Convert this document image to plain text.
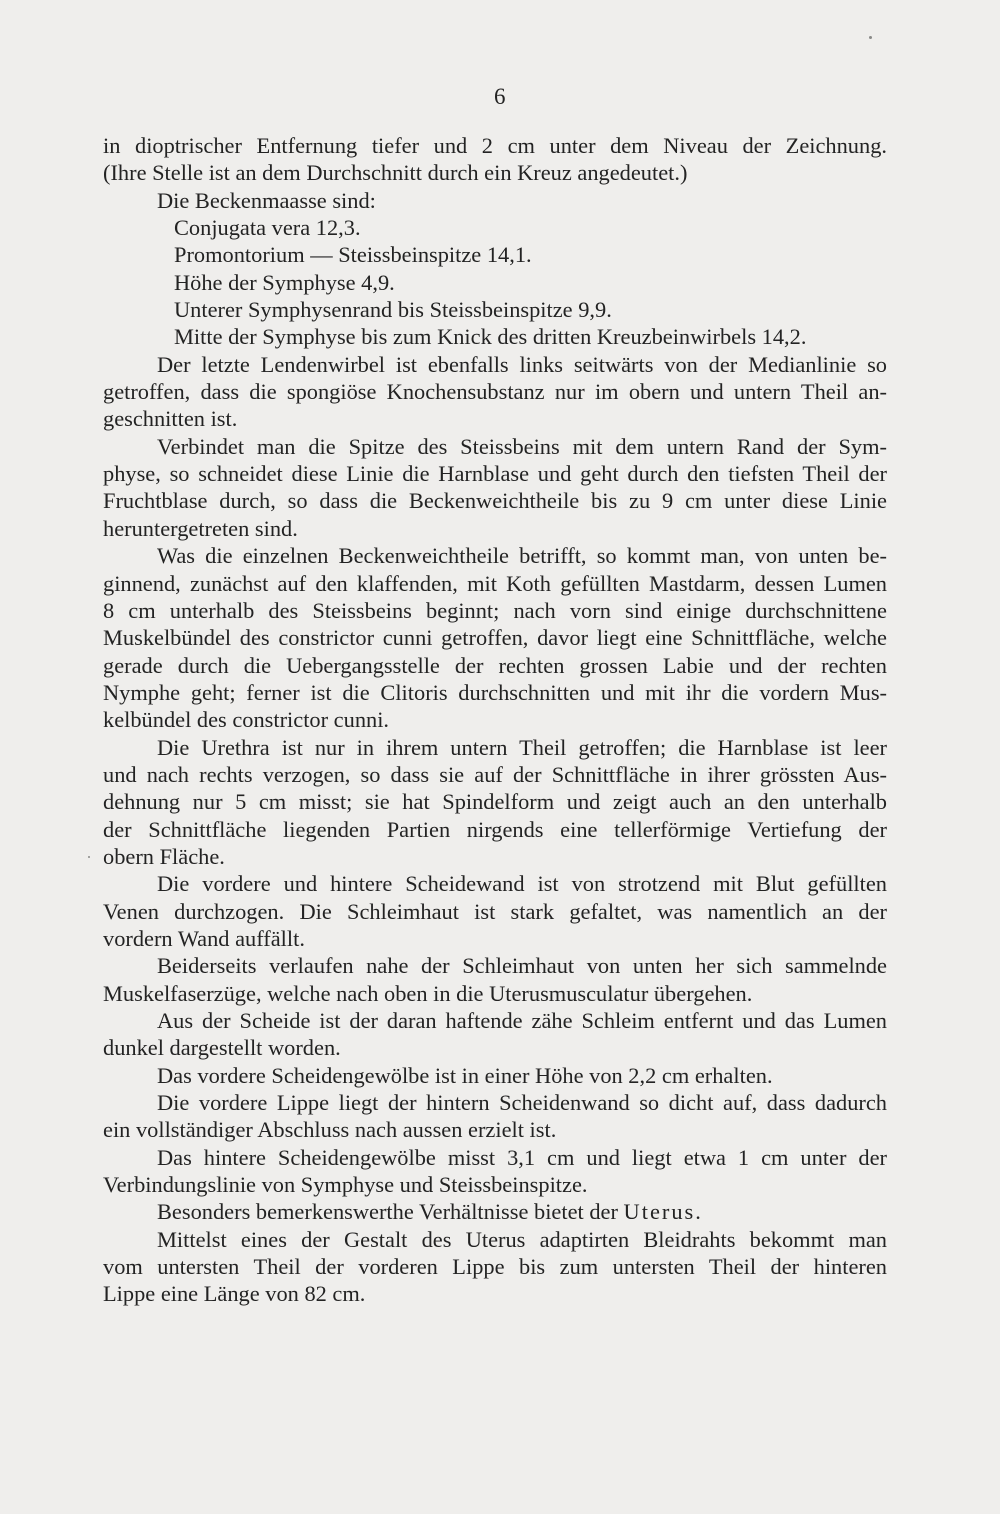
6
in dioptrischer Entfernung tiefer und 2 cm unter dem Niveau der Zeichnung.
(Ihre Stelle ist an dem Durchschnitt durch ein Kreuz angedeutet.)
Die Beckenmaasse sind:
Conjugata vera 12,3.
Promontorium — Steissbeinspitze 14,1.
Höhe der Symphyse 4,9.
Unterer Symphysenrand bis Steissbeinspitze 9,9.
Mitte der Symphyse bis zum Knick des dritten Kreuzbeinwirbels 14,2.
Der letzte Lendenwirbel ist ebenfalls links seitwärts von der Medianlinie so
getroffen, dass die spongiöse Knochensubstanz nur im obern und untern Theil an-
geschnitten ist.
Verbindet man die Spitze des Steissbeins mit dem untern Rand der Sym-
physe, so schneidet diese Linie die Harnblase und geht durch den tiefsten Theil der
Fruchtblase durch, so dass die Beckenweichtheile bis zu 9 cm unter diese Linie
heruntergetreten sind.
Was die einzelnen Beckenweichtheile betrifft, so kommt man, von unten be-
ginnend, zunächst auf den klaffenden, mit Koth gefüllten Mastdarm, dessen Lumen
8 cm unterhalb des Steissbeins beginnt; nach vorn sind einige durchschnittene
Muskelbündel des constrictor cunni getroffen, davor liegt eine Schnittfläche, welche
gerade durch die Uebergangsstelle der rechten grossen Labie und der rechten
Nymphe geht; ferner ist die Clitoris durchschnitten und mit ihr die vordern Mus-
kelbündel des constrictor cunni.
Die Urethra ist nur in ihrem untern Theil getroffen; die Harnblase ist leer
und nach rechts verzogen, so dass sie auf der Schnittfläche in ihrer grössten Aus-
dehnung nur 5 cm misst; sie hat Spindelform und zeigt auch an den unterhalb
der Schnittfläche liegenden Partien nirgends eine tellerförmige Vertiefung der
obern Fläche.
Die vordere und hintere Scheidewand ist von strotzend mit Blut gefüllten
Venen durchzogen. Die Schleimhaut ist stark gefaltet, was namentlich an der
vordern Wand auffällt.
Beiderseits verlaufen nahe der Schleimhaut von unten her sich sammelnde
Muskelfaserzüge, welche nach oben in die Uterusmusculatur übergehen.
Aus der Scheide ist der daran haftende zähe Schleim entfernt und das Lumen
dunkel dargestellt worden.
Das vordere Scheidengewölbe ist in einer Höhe von 2,2 cm erhalten.
Die vordere Lippe liegt der hintern Scheidenwand so dicht auf, dass dadurch
ein vollständiger Abschluss nach aussen erzielt ist.
Das hintere Scheidengewölbe misst 3,1 cm und liegt etwa 1 cm unter der
Verbindungslinie von Symphyse und Steissbeinspitze.
Besonders bemerkenswerthe Verhältnisse bietet der Uterus.
Mittelst eines der Gestalt des Uterus adaptirten Bleidrahts bekommt man
vom untersten Theil der vorderen Lippe bis zum untersten Theil der hinteren
Lippe eine Länge von 82 cm.
